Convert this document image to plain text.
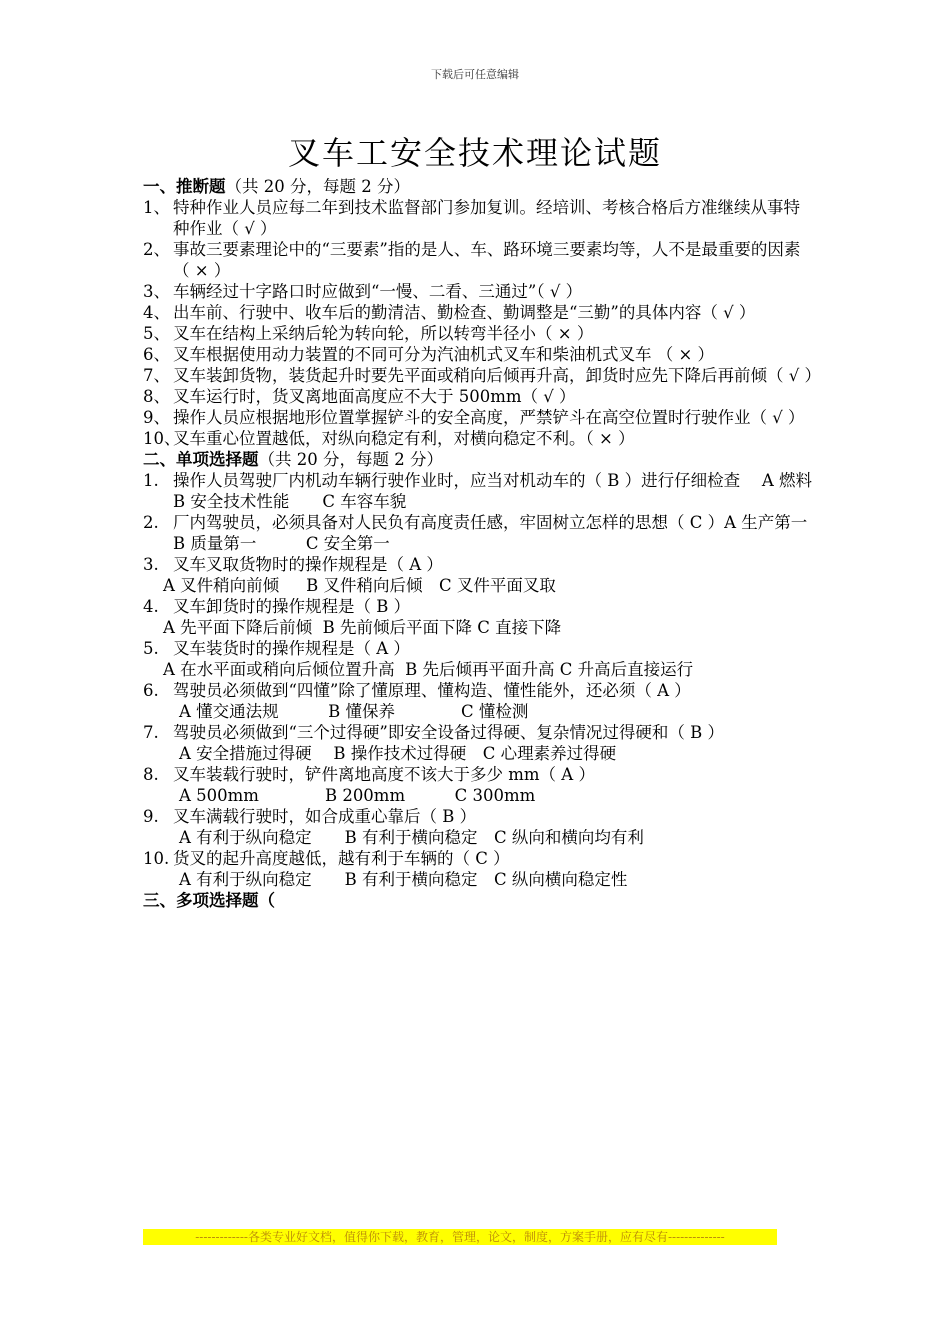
下载后可任意编辑
叉车工安全技术理论试题
一、推断题（共 20 分，每题 2 分）
1、 特种作业人员应每二年到技术监督部门参加复训。经培训、考核合格后方准继续从事特种作业（ √ ）
2、 事故三要素理论中的“三要素”指的是人、车、路环境三要素均等，人不是最重要的因素（ × ）
3、 车辆经过十字路口时应做到“一慢、二看、三通过”（ √ ）
4、 出车前、行驶中、收车后的勤清洁、勤检查、勤调整是“三勤”的具体内容（ √ ）
5、 叉车在结构上采纳后轮为转向轮，所以转弯半径小（ × ）
6、 叉车根据使用动力装置的不同可分为汽油机式叉车和柴油机式叉车 （ × ）
7、 叉车装卸货物，装货起升时要先平面或稍向后倾再升高，卸货时应先下降后再前倾（ √ ）
8、 叉车运行时，货叉离地面高度应不大于 500mm（ √ ）
9、 操作人员应根据地形位置掌握铲斗的安全高度，严禁铲斗在高空位置时行驶作业（ √ ）
10、
叉车重心位置越低，对纵向稳定有利，对横向稳定不利。（ × ）
二、单项选择题（共 20 分，每题 2 分）
1. 操作人员驾驶厂内机动车辆行驶作业时，应当对机动车的（ B ）进行仔细检查　 A 燃料　 B 安全技术性能　　C 车容车貌
2. 厂内驾驶员，必须具备对人民负有高度责任感，牢固树立怎样的思想（ C ）A 生产第一　　　B 质量第一　　　C 安全第一
3. 叉车叉取货物时的操作规程是（ A ）
A 叉件稍向前倾　  B 叉件稍向后倾　C 叉件平面叉取
4. 叉车卸货时的操作规程是（ B ）
A 先平面下降后前倾  B 先前倾后平面下降 C 直接下降
5. 叉车装货时的操作规程是（ A ）
A 在水平面或稍向后倾位置升高  B 先后倾再平面升高 C 升高后直接运行
6. 驾驶员必须做到“四懂”除了懂原理、懂构造、懂性能外，还必须（ A ）
A 懂交通法规　　　B 懂保养　　　　C 懂检测
7. 驾驶员必须做到“三个过得硬”即安全设备过得硬、复杂情况过得硬和（ B ）
A 安全措施过得硬　 B 操作技术过得硬　C 心理素养过得硬
8. 叉车装载行驶时，铲件离地高度不该大于多少 mm（ A ）
A 500mm　　　　B 200mm　　　C 300mm
9. 叉车满载行驶时，如合成重心靠后（ B ）
A 有利于纵向稳定　　B 有利于横向稳定　C 纵向和横向均有利
10. 货叉的起升高度越低，越有利于车辆的（ C ）
A 有利于纵向稳定　　B 有利于横向稳定　C 纵向横向稳定性
三、多项选择题（
-------------各类专业好文档，值得你下载，教育，管理，论文，制度，方案手册，应有尽有--------------
